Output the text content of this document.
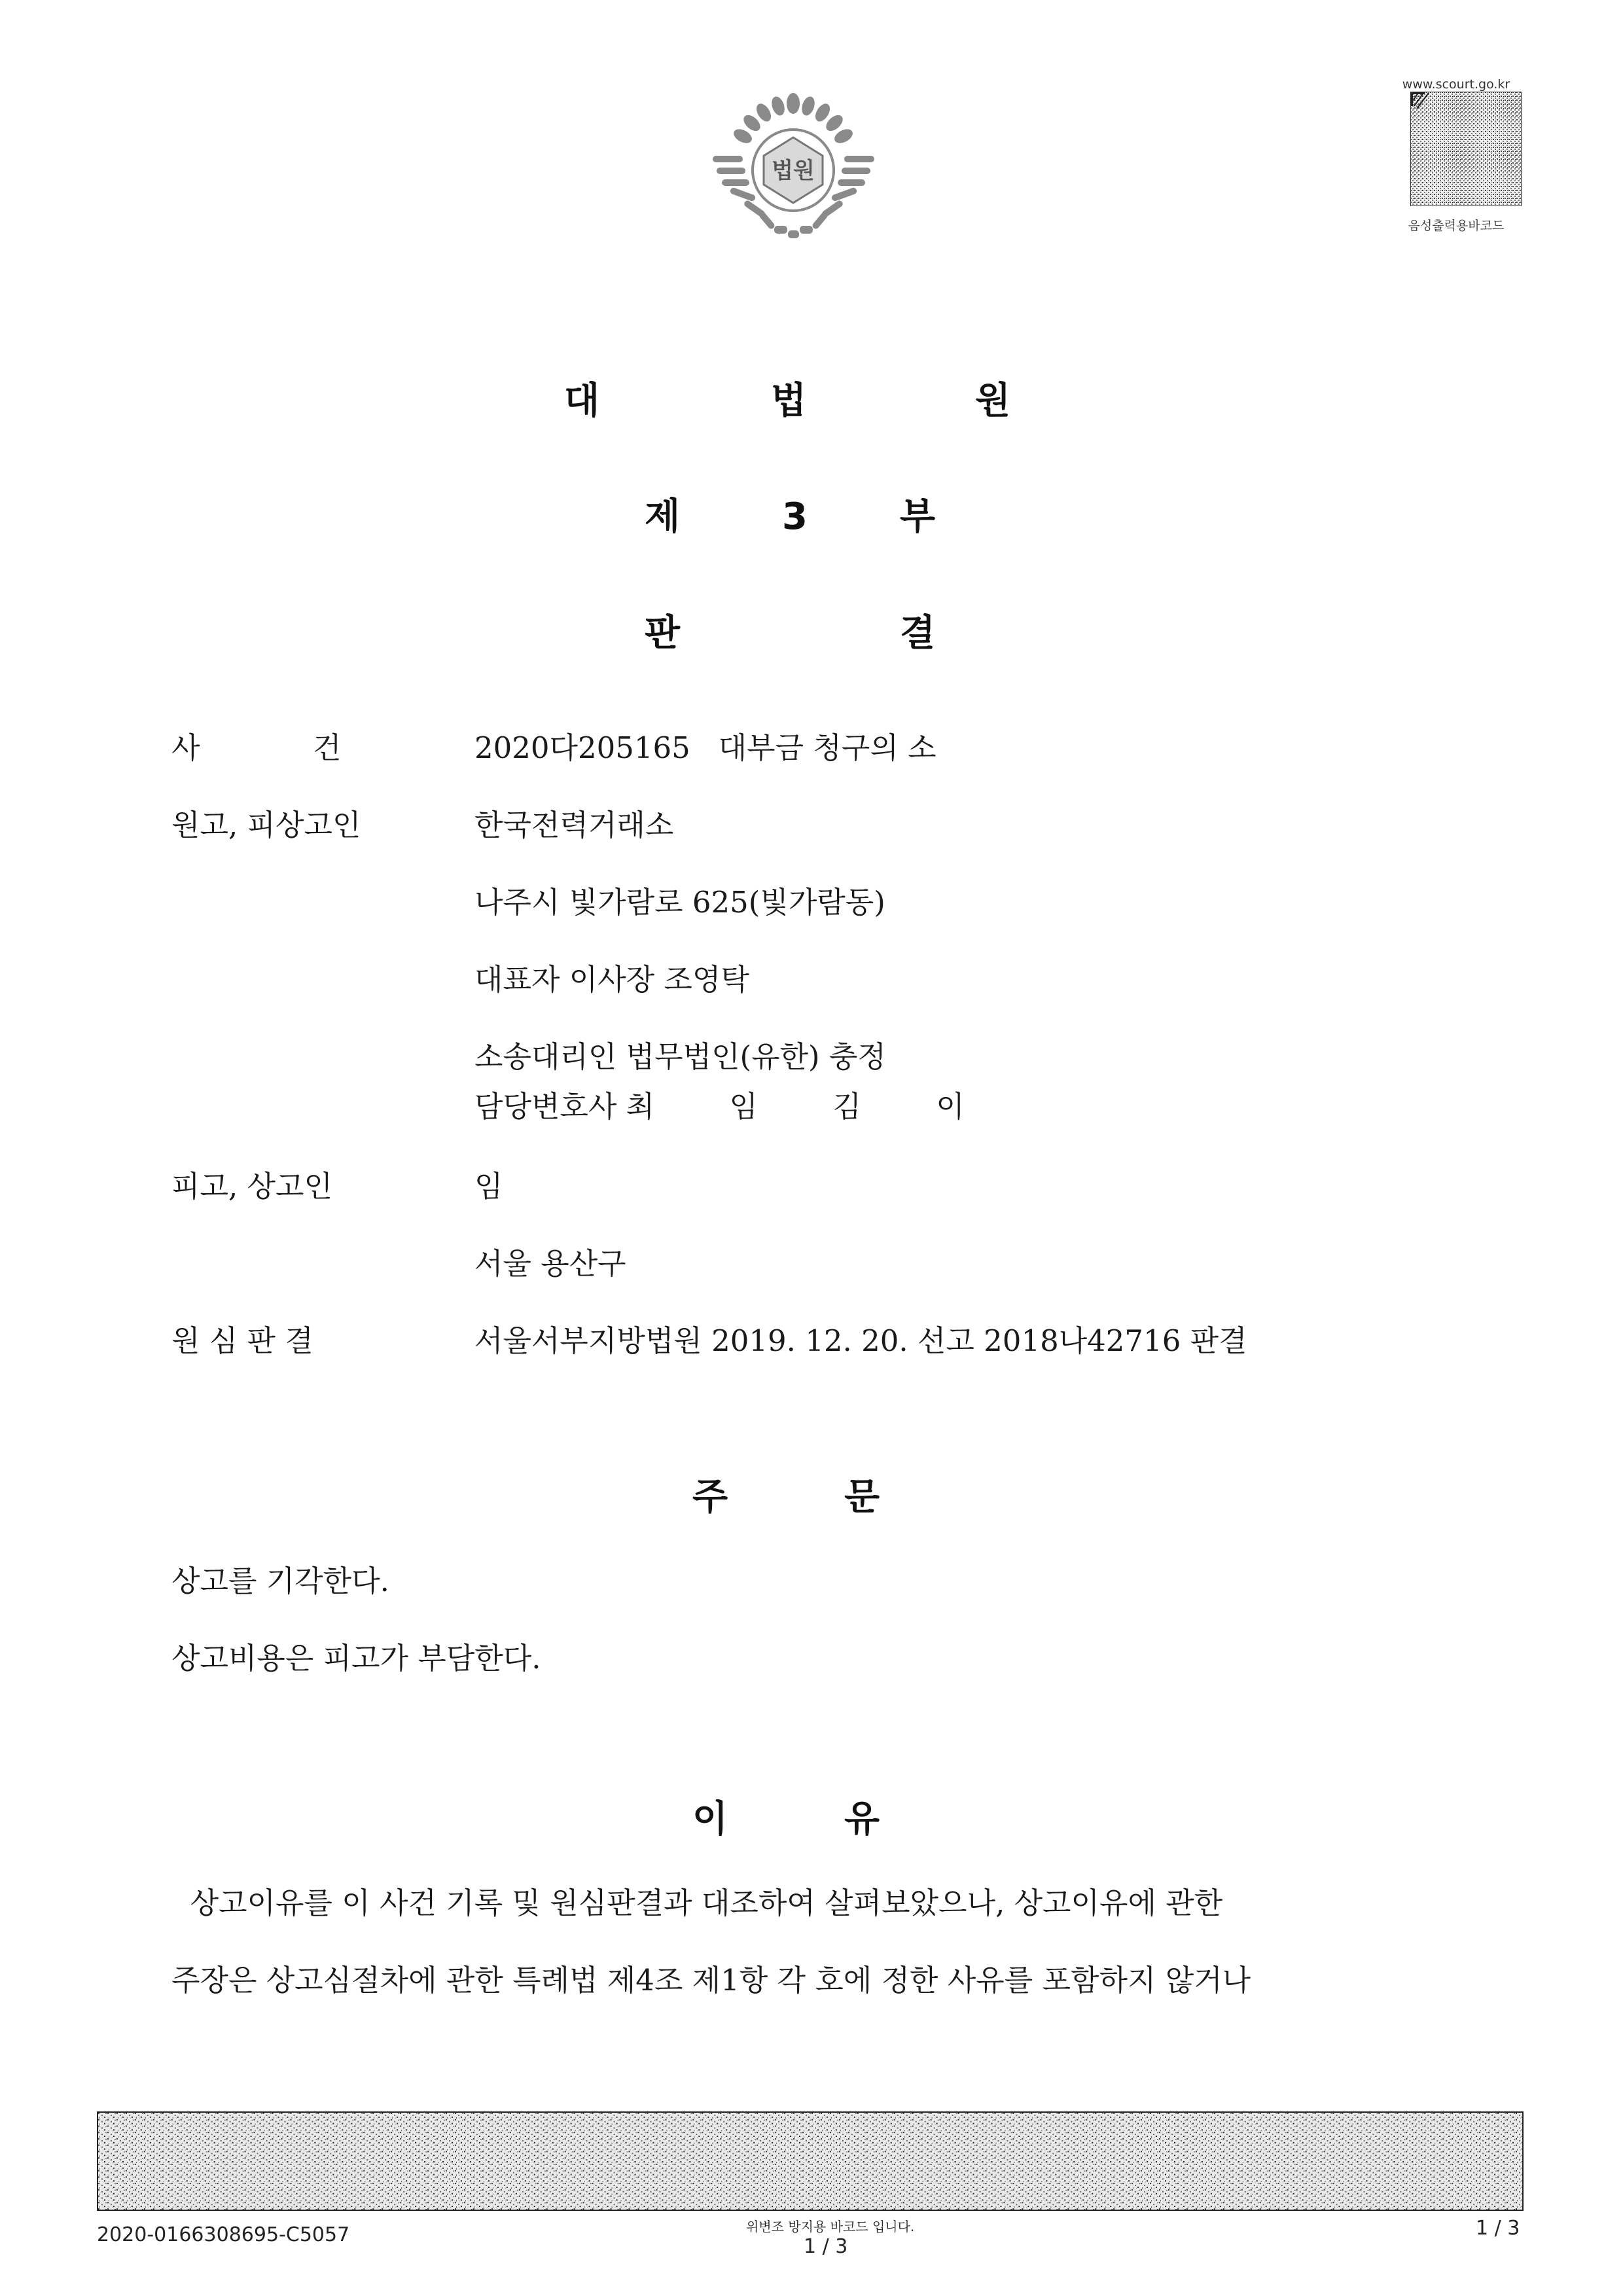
법원
www.scourt.go.kr
음성출력용바코드
대	법	원
제	3	부
판	결
사	건	2020다205165   대부금 청구의 소
원고, 피상고인	한국전력거래소
나주시 빛가람로 625(빛가람동)
대표자 이사장 조영탁
소송대리인 법무법인(유한) 충정
담당변호사 최        임        김        이
피고, 상고인	임
서울 용산구
원 심 판 결	서울서부지방법원 2019. 12. 20. 선고 2018나42716 판결
주	문
상고를 기각한다.
상고비용은 피고가 부담한다.
이	유
상고이유를 이 사건 기록 및 원심판결과 대조하여 살펴보았으나, 상고이유에 관한
주장은 상고심절차에 관한 특례법 제4조 제1항 각 호에 정한 사유를 포함하지 않거나
2020-0166308695-C5057	위변조 방지용 바코드 입니다.
1 / 3
1 / 3
